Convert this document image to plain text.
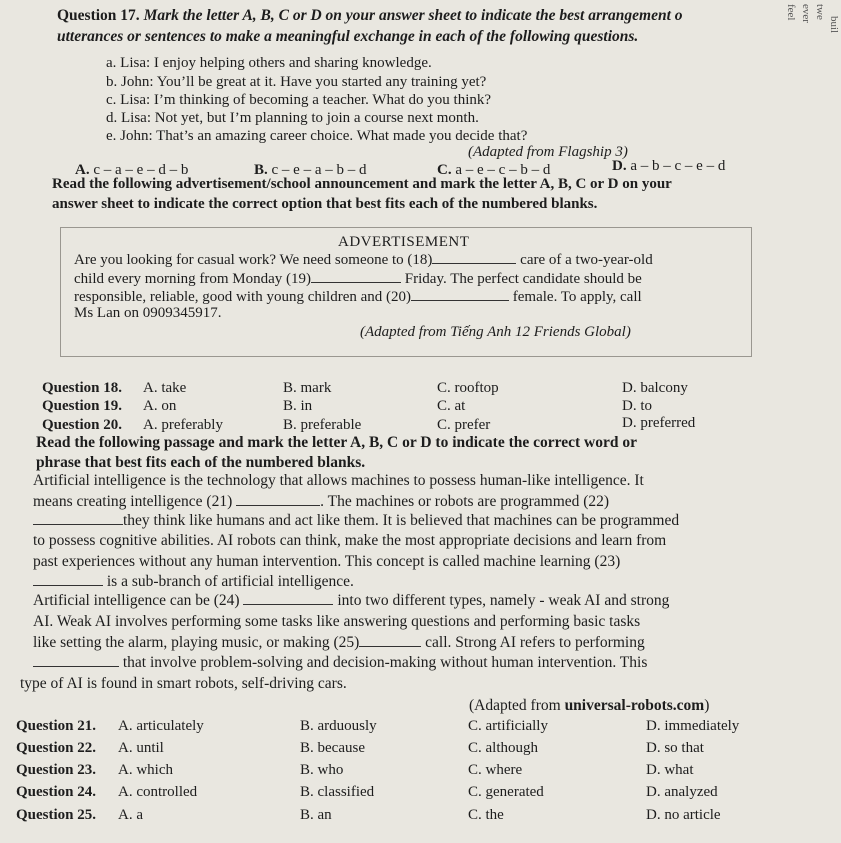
feel ever twe
buil
Question 17. Mark the letter A, B, C or D on your answer sheet to indicate the best arrangement o
utterances or sentences to make a meaningful exchange in each of the following questions.
a. Lisa: I enjoy helping others and sharing knowledge.
b. John: You’ll be great at it. Have you started any training yet?
c. Lisa: I’m thinking of becoming a teacher. What do you think?
d. Lisa: Not yet, but I’m planning to join a course next month.
e. John: That’s an amazing career choice. What made you decide that?
(Adapted from Flagship 3)
A. c – a – e – d – b	B. c – e – a – b – d	C. a – e – c – b – d	D. a – b – c – e – d
Read the following advertisement/school announcement and mark the letter A, B, C or D on your
answer sheet to indicate the correct option that best fits each of the numbered blanks.
ADVERTISEMENT
Are you looking for casual work? We need someone to (18)	care of a two-year-old
child every morning from Monday (19)	Friday. The perfect candidate should be
responsible, reliable, good with young children and (20)	female. To apply, call
Ms Lan on 0909345917.
(Adapted from Tiếng Anh 12 Friends Global)
Question 18. A. take	B. mark	C. rooftop	D. balcony
Question 19. A. on	B. in	C. at	D. to
Question 20. A. preferably	B. preferable	C. prefer	D. preferred
Read the following passage and mark the letter A, B, C or D to indicate the correct word or
phrase that best fits each of the numbered blanks.
Artificial intelligence is the technology that allows machines to possess human-like intelligence. It
means creating intelligence (21)	. The machines or robots are programmed (22)
they think like humans and act like them. It is believed that machines can be programmed
to possess cognitive abilities. AI robots can think, make the most appropriate decisions and learn from
past experiences without any human intervention. This concept is called machine learning (23)
is a sub-branch of artificial intelligence.
Artificial intelligence can be (24)	into two different types, namely - weak AI and strong
AI. Weak AI involves performing some tasks like answering questions and performing basic tasks
like setting the alarm, playing music, or making (25)	call. Strong AI refers to performing
that involve problem-solving and decision-making without human intervention. This
type of AI is found in smart robots, self-driving cars.
(Adapted from universal-robots.com)
Question 21. A. articulately	B. arduously	C. artificially	D. immediately
Question 22. A. until	B. because	C. although	D. so that
Question 23. A. which	B. who	C. where	D. what
Question 24. A. controlled	B. classified	C. generated	D. analyzed
Question 25. A. a	B. an	C. the	D. no article
